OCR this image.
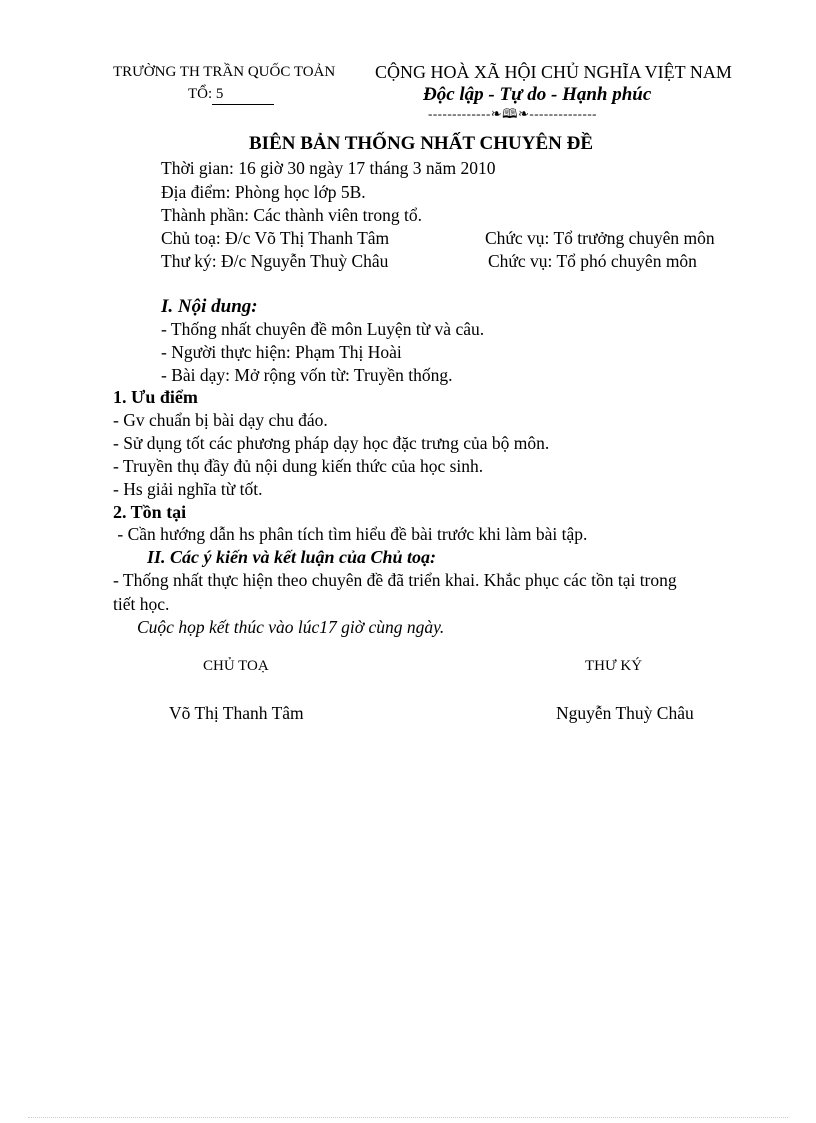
TRƯỜNG TH TRẦN QUỐC TOẢN
TỔ: 5
CỘNG HOÀ XÃ HỘI CHỦ NGHĨA VIỆT NAM
Độc lập - Tự do - Hạnh phúc
-------------❧🕮❧--------------
BIÊN BẢN THỐNG NHẤT CHUYÊN ĐỀ
Thời gian: 16 giờ 30 ngày 17 tháng 3 năm 2010
Địa điểm: Phòng học lớp 5B.
Thành phần: Các thành viên trong tổ.
Chủ toạ: Đ/c Võ Thị Thanh Tâm	Chức vụ: Tổ trưởng chuyên môn
Thư ký: Đ/c Nguyễn Thuỳ Châu	Chức vụ: Tổ phó chuyên môn
I. Nội dung:
- Thống nhất chuyên đề môn Luyện từ và câu.
- Người thực hiện: Phạm Thị Hoài
- Bài dạy: Mở rộng vốn từ: Truyền thống.
1. Ưu điểm
- Gv chuẩn bị bài dạy chu đáo.
- Sử dụng tốt các phương pháp dạy học đặc trưng của bộ môn.
- Truyền thụ đầy đủ nội dung kiến thức của học sinh.
- Hs giải nghĩa từ tốt.
2. Tồn tại
- Cần hướng dẫn hs phân tích tìm hiểu đề bài trước khi làm bài tập.
II. Các ý kiến và kết luận của Chủ toạ:
- Thống nhất thực hiện theo chuyên đề đã triển khai. Khắc phục các tồn tại trong
tiết học.
Cuộc họp kết thúc vào lúc17 giờ cùng ngày.
CHỦ TOẠ	THƯ KÝ
Võ Thị Thanh Tâm	Nguyễn Thuỳ Châu
